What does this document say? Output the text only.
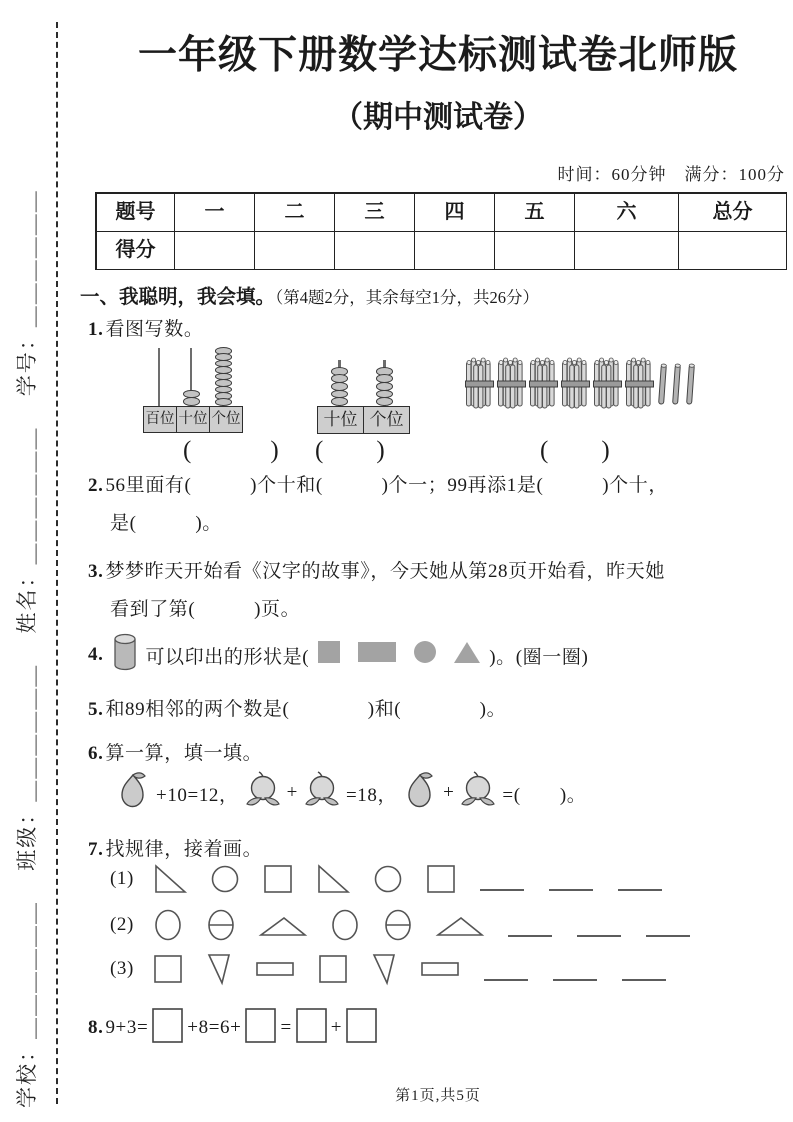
学校：＿＿＿＿＿＿　 班级：＿＿＿＿＿＿ 　姓名：＿＿＿＿＿＿ 　学号：＿＿＿＿＿＿
一年级下册数学达标测试卷北师版
（期中测试卷）
时间：60分钟　满分：100分
题号	一	二	三	四	五	六	总分
得分
一、我聪明，我会填。（第4题2分，其余每空1分，共26分）
1. 看图写数。
百位 十位 个位	十位 个位
(　　　) (　　)	(　　)
2. 56里面有(　　　)个十和(　　　)个一；99再添1是(　　　)个十，
是(　　　)。
3. 梦梦昨天开始看《汉字的故事》，今天她从第28页开始看，昨天她
看到了第(　　　)页。
4. 可以印出的形状是(	)。(圈一圈)
5. 和89相邻的两个数是(　　　　)和(　　　　)。
6. 算一算，填一填。
+10=12，	+	=18， +	=(　　)。
7. 找规律，接着画。
(1)
(2)
(3)
8. 9+3= +8=6+ = +
第1页,共5页
